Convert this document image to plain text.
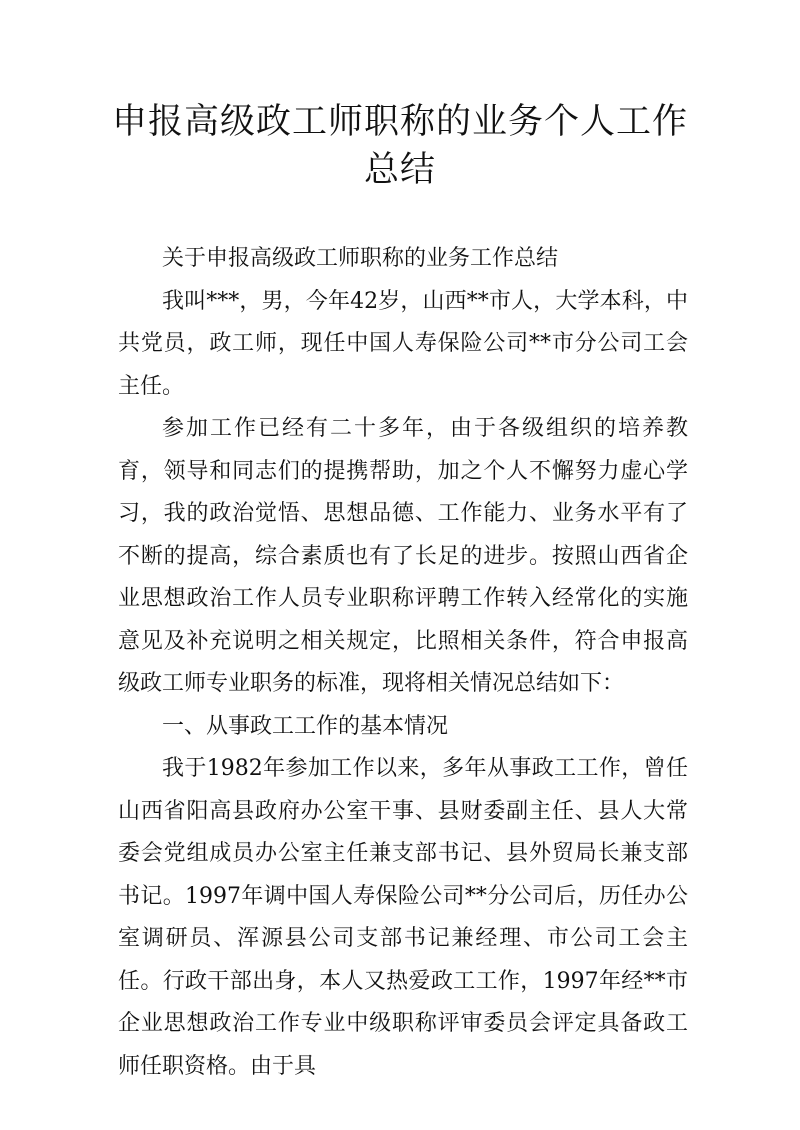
申报高级政工师职称的业务个人工作总结

关于申报高级政工师职称的业务工作总结

我叫***，男，今年42岁，山西**市人，大学本科，中共党员，政工师，现任中国人寿保险公司**市分公司工会主任。

参加工作已经有二十多年，由于各级组织的培养教育，领导和同志们的提携帮助，加之个人不懈努力虚心学习，我的政治觉悟、思想品德、工作能力、业务水平有了不断的提高，综合素质也有了长足的进步。按照山西省企业思想政治工作人员专业职称评聘工作转入经常化的实施意见及补充说明之相关规定，比照相关条件，符合申报高级政工师专业职务的标准，现将相关情况总结如下：

一、从事政工工作的基本情况

我于1982年参加工作以来，多年从事政工工作，曾任山西省阳高县政府办公室干事、县财委副主任、县人大常委会党组成员办公室主任兼支部书记、县外贸局长兼支部书记。1997年调中国人寿保险公司**分公司后，历任办公室调研员、浑源县公司支部书记兼经理、市公司工会主任。行政干部出身，本人又热爱政工工作，1997年经**市企业思想政治工作专业中级职称评审委员会评定具备政工师任职资格。由于具
